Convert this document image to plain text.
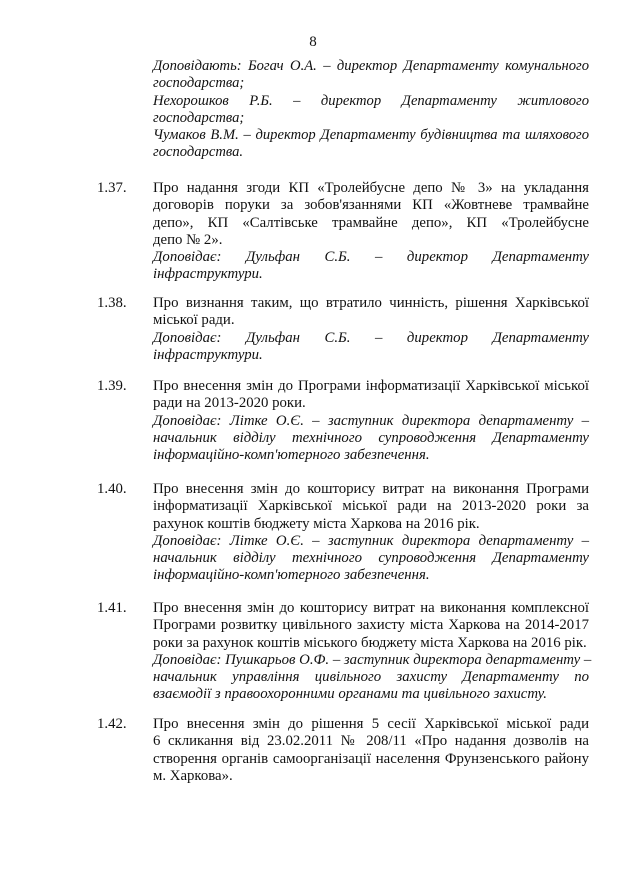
8
Доповідають: Богач О.А. – директор Департаменту комунального
господарства;
Нехорошков Р.Б. – директор Департаменту житлового
господарства;
Чумаков В.М. – директор Департаменту будівництва та шляхового
господарства.
1.37. Про надання згоди КП «Тролейбусне депо № 3» на укладання
договорів поруки за зобов'язаннями КП «Жовтневе трамвайне
депо», КП «Салтівське трамвайне депо», КП «Тролейбусне
депо № 2».
Доповідає: Дульфан С.Б. – директор Департаменту
інфраструктури.
1.38. Про визнання таким, що втратило чинність, рішення Харківської
міської ради.
Доповідає: Дульфан С.Б. – директор Департаменту
інфраструктури.
1.39. Про внесення змін до Програми інформатизації Харківської міської
ради на 2013-2020 роки.
Доповідає: Літке О.Є. – заступник директора департаменту –
начальник відділу технічного супроводження Департаменту
інформаційно-комп'ютерного забезпечення.
1.40. Про внесення змін до кошторису витрат на виконання Програми
інформатизації Харківської міської ради на 2013-2020 роки за
рахунок коштів бюджету міста Харкова на 2016 рік.
Доповідає: Літке О.Є. – заступник директора департаменту –
начальник відділу технічного супроводження Департаменту
інформаційно-комп'ютерного забезпечення.
1.41. Про внесення змін до кошторису витрат на виконання комплексної
Програми розвитку цивільного захисту міста Харкова на 2014-2017
роки за рахунок коштів міського бюджету міста Харкова на 2016 рік.
Доповідає: Пушкарьов О.Ф. – заступник директора департаменту –
начальник управління цивільного захисту Департаменту по
взаємодії з правоохоронними органами та цивільного захисту.
1.42. Про внесення змін до рішення 5 сесії Харківської міської ради
6 скликання від 23.02.2011 № 208/11 «Про надання дозволів на
створення органів самоорганізації населення Фрунзенського району
м. Харкова».
